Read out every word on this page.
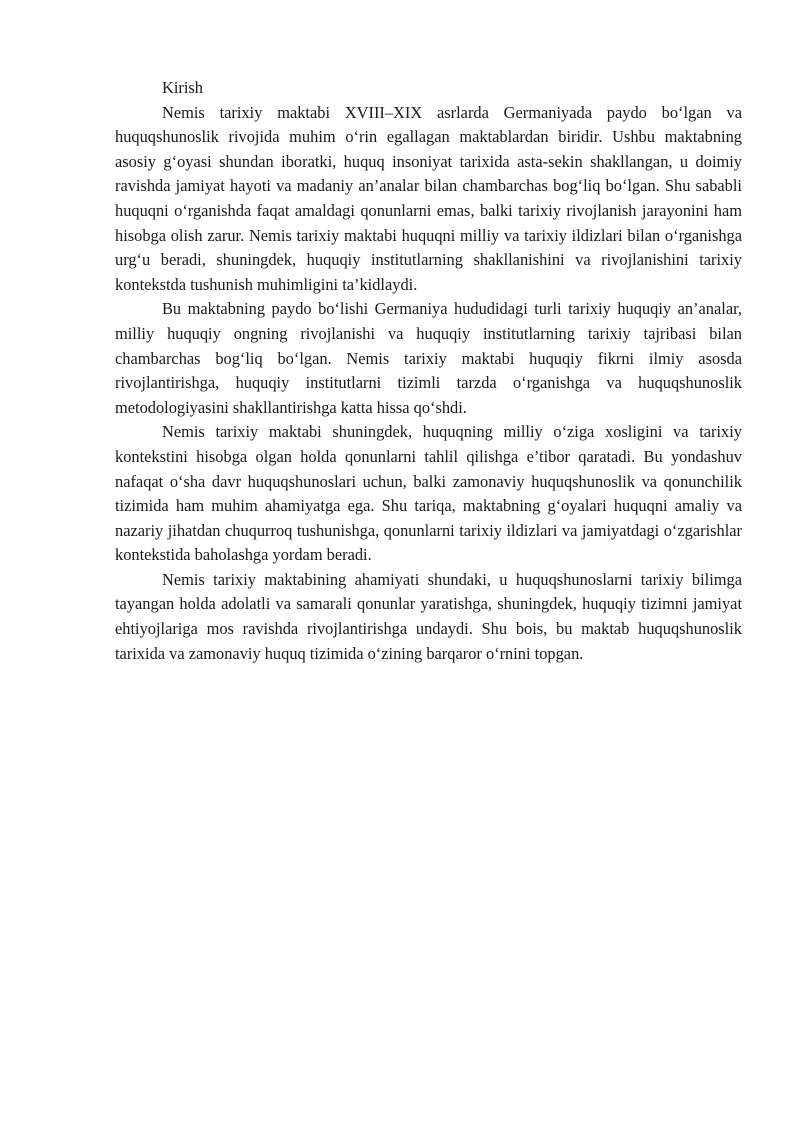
Kirish

Nemis tarixiy maktabi XVIII–XIX asrlarda Germaniyada paydo bo‘lgan va huquqshunoslik rivojida muhim o‘rin egallagan maktablardan biridir. Ushbu maktabning asosiy g‘oyasi shundan iboratki, huquq insoniyat tarixida asta-sekin shakllangan, u doimiy ravishda jamiyat hayoti va madaniy an’analar bilan chambarchas bog‘liq bo‘lgan. Shu sababli huquqni o‘rganishda faqat amaldagi qonunlarni emas, balki tarixiy rivojlanish jarayonini ham hisobga olish zarur. Nemis tarixiy maktabi huquqni milliy va tarixiy ildizlari bilan o‘rganishga urg‘u beradi, shuningdek, huquqiy institutlarning shakllanishini va rivojlanishini tarixiy kontekstda tushunish muhimligini ta’kidlaydi.

Bu maktabning paydo bo‘lishi Germaniya hududidagi turli tarixiy huquqiy an’analar, milliy huquqiy ongning rivojlanishi va huquqiy institutlarning tarixiy tajribasi bilan chambarchas bog‘liq bo‘lgan. Nemis tarixiy maktabi huquqiy fikrni ilmiy asosda rivojlantirishga, huquqiy institutlarni tizimli tarzda o‘rganishga va huquqshunoslik metodologiyasini shakllantirishga katta hissa qo‘shdi.

Nemis tarixiy maktabi shuningdek, huquqning milliy o‘ziga xosligini va tarixiy kontekstini hisobga olgan holda qonunlarni tahlil qilishga e’tibor qaratadi. Bu yondashuv nafaqat o‘sha davr huquqshunoslari uchun, balki zamonaviy huquqshunoslik va qonunchilik tizimida ham muhim ahamiyatga ega. Shu tariqa, maktabning g‘oyalari huquqni amaliy va nazariy jihatdan chuqurroq tushunishga, qonunlarni tarixiy ildizlari va jamiyatdagi o‘zgarishlar kontekstida baholashga yordam beradi.

Nemis tarixiy maktabining ahamiyati shundaki, u huquqshunoslarni tarixiy bilimga tayangan holda adolatli va samarali qonunlar yaratishga, shuningdek, huquqiy tizimni jamiyat ehtiyojlariga mos ravishda rivojlantirishga undaydi. Shu bois, bu maktab huquqshunoslik tarixida va zamonaviy huquq tizimida o‘zining barqaror o‘rnini topgan.
